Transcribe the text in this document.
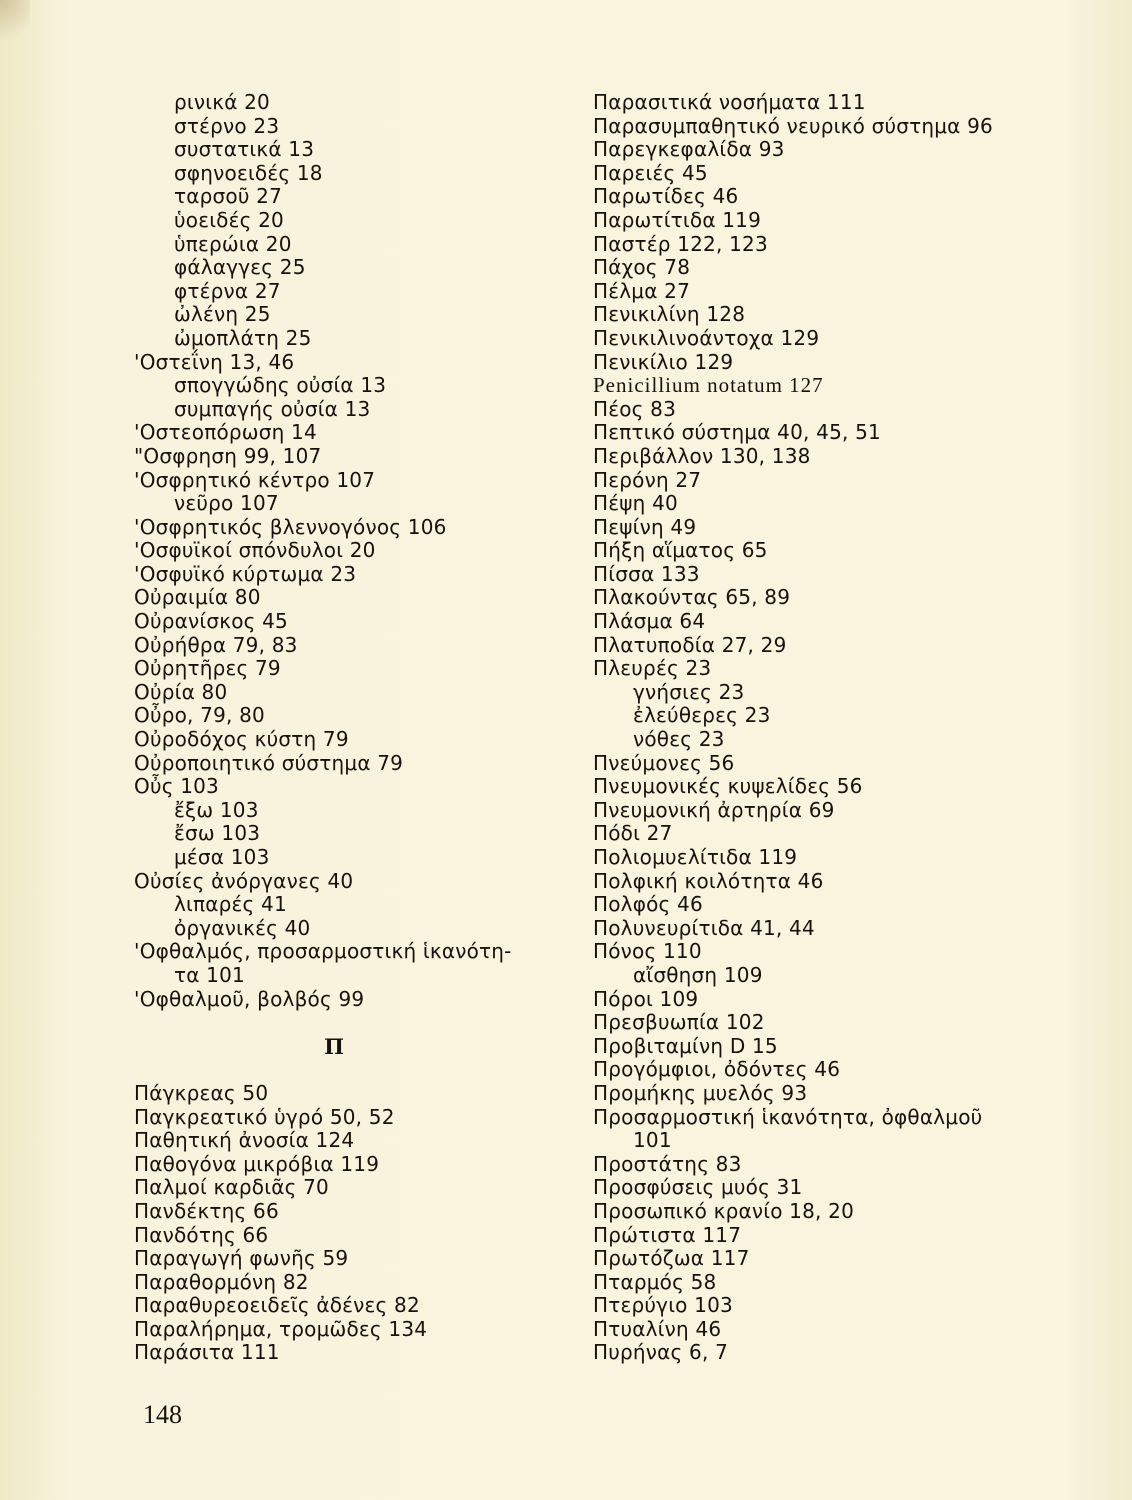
ρινικά 20
στέρνο 23
συστατικά 13
σφηνοειδές 18
ταρσοῦ 27
ὑοειδές 20
ὑπερώια 20
φάλαγγες 25
φτέρνα 27
ὠλένη 25
ὠμοπλάτη 25
'Οστεΐνη 13, 46
σπογγώδης οὐσία 13
συμπαγής οὐσία 13
'Οστεοπόρωση 14
"Οσφρηση 99, 107
'Οσφρητικό κέντρο 107
νεῦρο 107
'Οσφρητικός βλεννογόνος 106
'Οσφυϊκοί σπόνδυλοι 20
'Οσφυϊκό κύρτωμα 23
Οὐραιμία 80
Οὐρανίσκος 45
Οὐρήθρα 79, 83
Οὐρητῆρες 79
Οὐρία 80
Οὖρο, 79, 80
Οὐροδόχος κύστη 79
Οὐροποιητικό σύστημα 79
Οὖς 103
ἔξω 103
ἔσω 103
μέσα 103
Οὐσίες ἀνόργανες 40
λιπαρές 41
ὀργανικές 40
'Οφθαλμός, προσαρμοστική ἱκανότη-
τα 101
'Οφθαλμοῦ, βολβός 99
Π
Πάγκρεας 50
Παγκρεατικό ὑγρό 50, 52
Παθητική ἀνοσία 124
Παθογόνα μικρόβια 119
Παλμοί καρδιᾶς 70
Πανδέκτης 66
Πανδότης 66
Παραγωγή φωνῆς 59
Παραθορμόνη 82
Παραθυρεοειδεῖς ἀδένες 82
Παραλήρημα, τρομῶδες 134
Παράσιτα 111
Παρασιτικά νοσήματα 111
Παρασυμπαθητικό νευρικό σύστημα 96
Παρεγκεφαλίδα 93
Παρειές 45
Παρωτίδες 46
Παρωτίτιδα 119
Παστέρ 122, 123
Πάχος 78
Πέλμα 27
Πενικιλίνη 128
Πενικιλινοάντοχα 129
Πενικίλιο 129
Penicillium notatum 127
Πέος 83
Πεπτικό σύστημα 40, 45, 51
Περιβάλλον 130, 138
Περόνη 27
Πέψη 40
Πεψίνη 49
Πήξη αἵματος 65
Πίσσα 133
Πλακούντας 65, 89
Πλάσμα 64
Πλατυποδία 27, 29
Πλευρές 23
γνήσιες 23
ἐλεύθερες 23
νόθες 23
Πνεύμονες 56
Πνευμονικές κυψελίδες 56
Πνευμονική ἀρτηρία 69
Πόδι 27
Πολιομυελίτιδα 119
Πολφική κοιλότητα 46
Πολφός 46
Πολυνευρίτιδα 41, 44
Πόνος 110
αἴσθηση 109
Πόροι 109
Πρεσβυωπία 102
Προβιταμίνη D 15
Προγόμφιοι, ὀδόντες 46
Προμήκης μυελός 93
Προσαρμοστική ἱκανότητα, ὀφθαλμοῦ
101
Προστάτης 83
Προσφύσεις μυός 31
Προσωπικό κρανίο 18, 20
Πρώτιστα 117
Πρωτόζωα 117
Πταρμός 58
Πτερύγιο 103
Πτυαλίνη 46
Πυρήνας 6, 7
148
